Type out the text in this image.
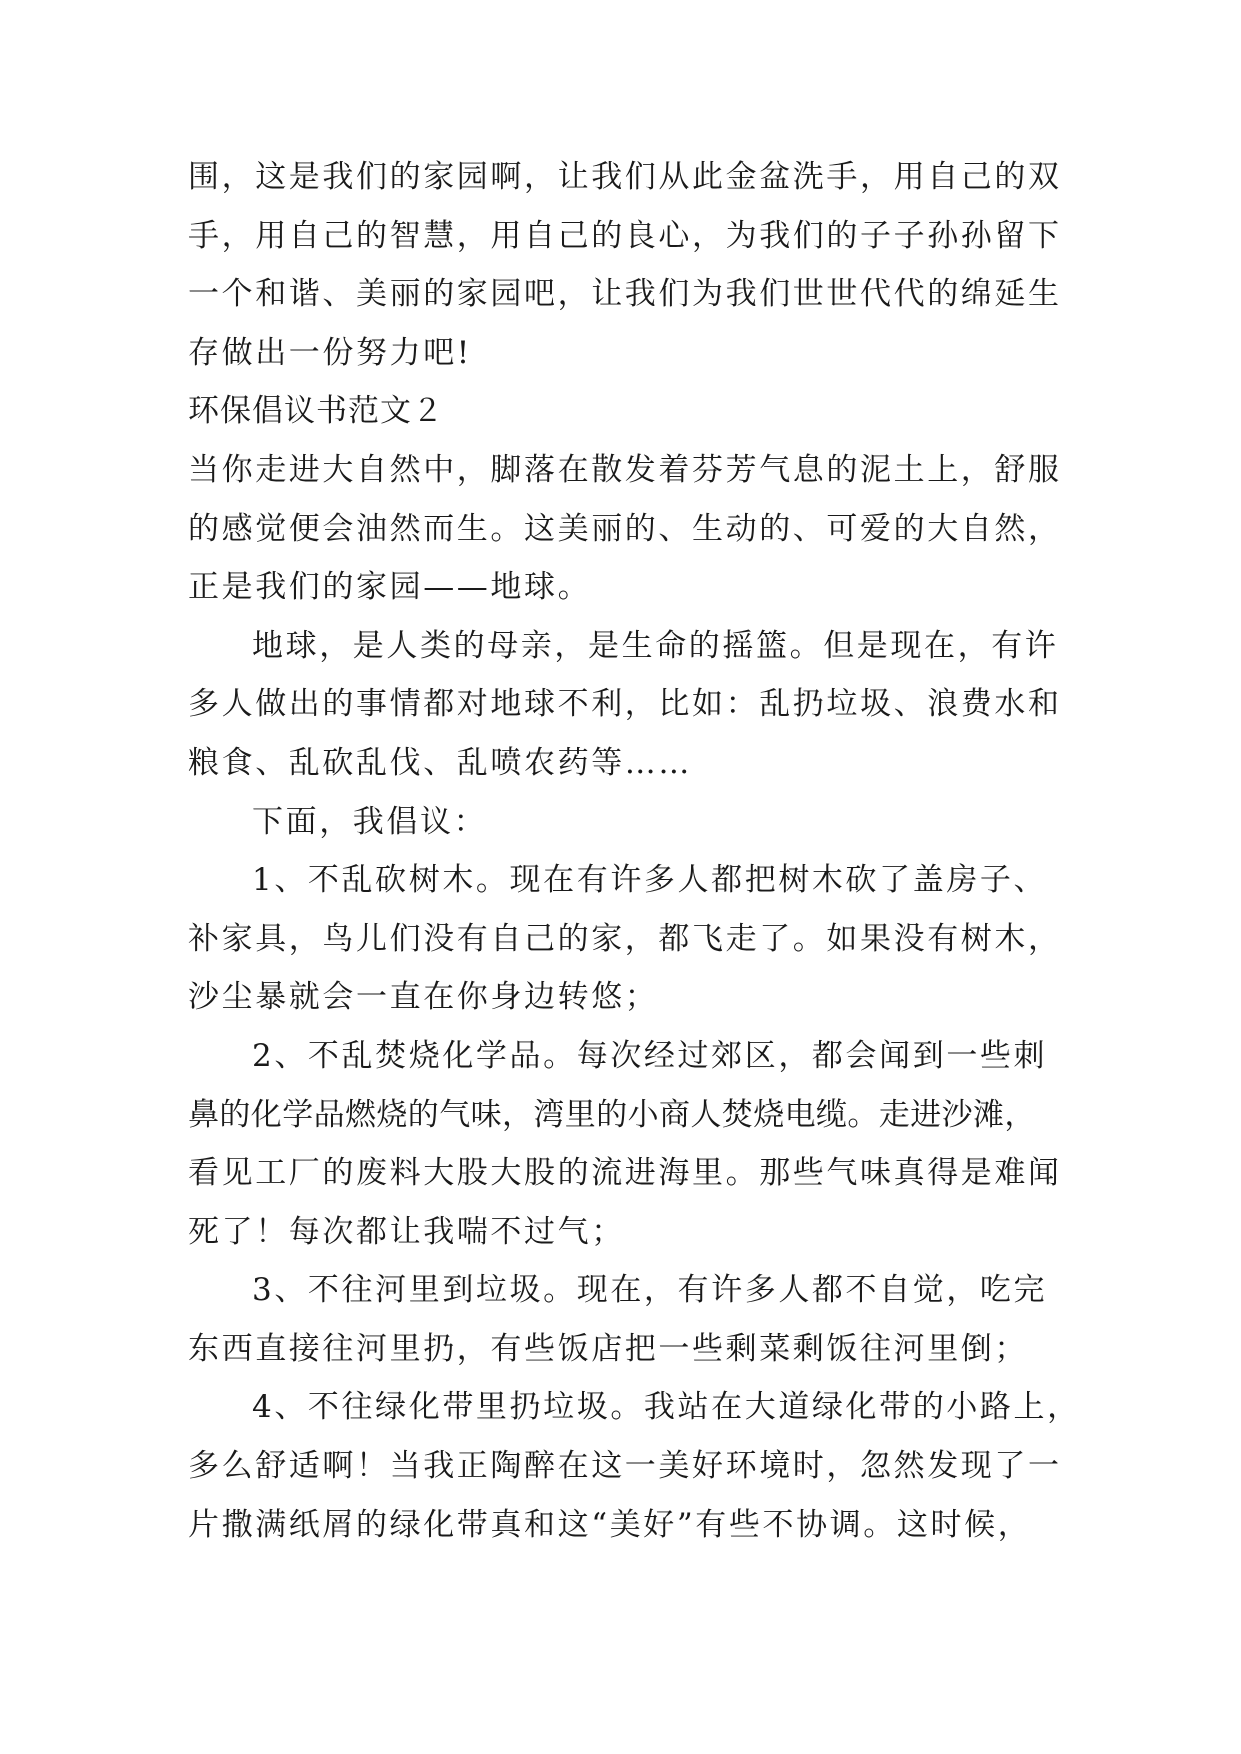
围，这是我们的家园啊，让我们从此金盆洗手，用自己的双
手，用自己的智慧，用自己的良心，为我们的子子孙孙留下
一个和谐、美丽的家园吧，让我们为我们世世代代的绵延生
存做出一份努力吧!
环保倡议书范文２
当你走进大自然中，脚落在散发着芬芳气息的泥土上，舒服
的感觉便会油然而生。这美丽的、生动的、可爱的大自然，
正是我们的家园——地球。
地球，是人类的母亲，是生命的摇篮。但是现在，有许
多人做出的事情都对地球不利，比如：乱扔垃圾、浪费水和
粮食、乱砍乱伐、乱喷农药等……
下面，我倡议：
1、不乱砍树木。现在有许多人都把树木砍了盖房子、
补家具，鸟儿们没有自己的家，都飞走了。如果没有树木，
沙尘暴就会一直在你身边转悠；
2、不乱焚烧化学品。每次经过郊区，都会闻到一些刺
鼻的化学品燃烧的气味，湾里的小商人焚烧电缆。走进沙滩，
看见工厂的废料大股大股的流进海里。那些气味真得是难闻
死了！每次都让我喘不过气；
3、不往河里到垃圾。现在，有许多人都不自觉，吃完
东西直接往河里扔，有些饭店把一些剩菜剩饭往河里倒；
4、不往绿化带里扔垃圾。我站在大道绿化带的小路上，
多么舒适啊！当我正陶醉在这一美好环境时，忽然发现了一
片撒满纸屑的绿化带真和这“美好”有些不协调。这时候，
